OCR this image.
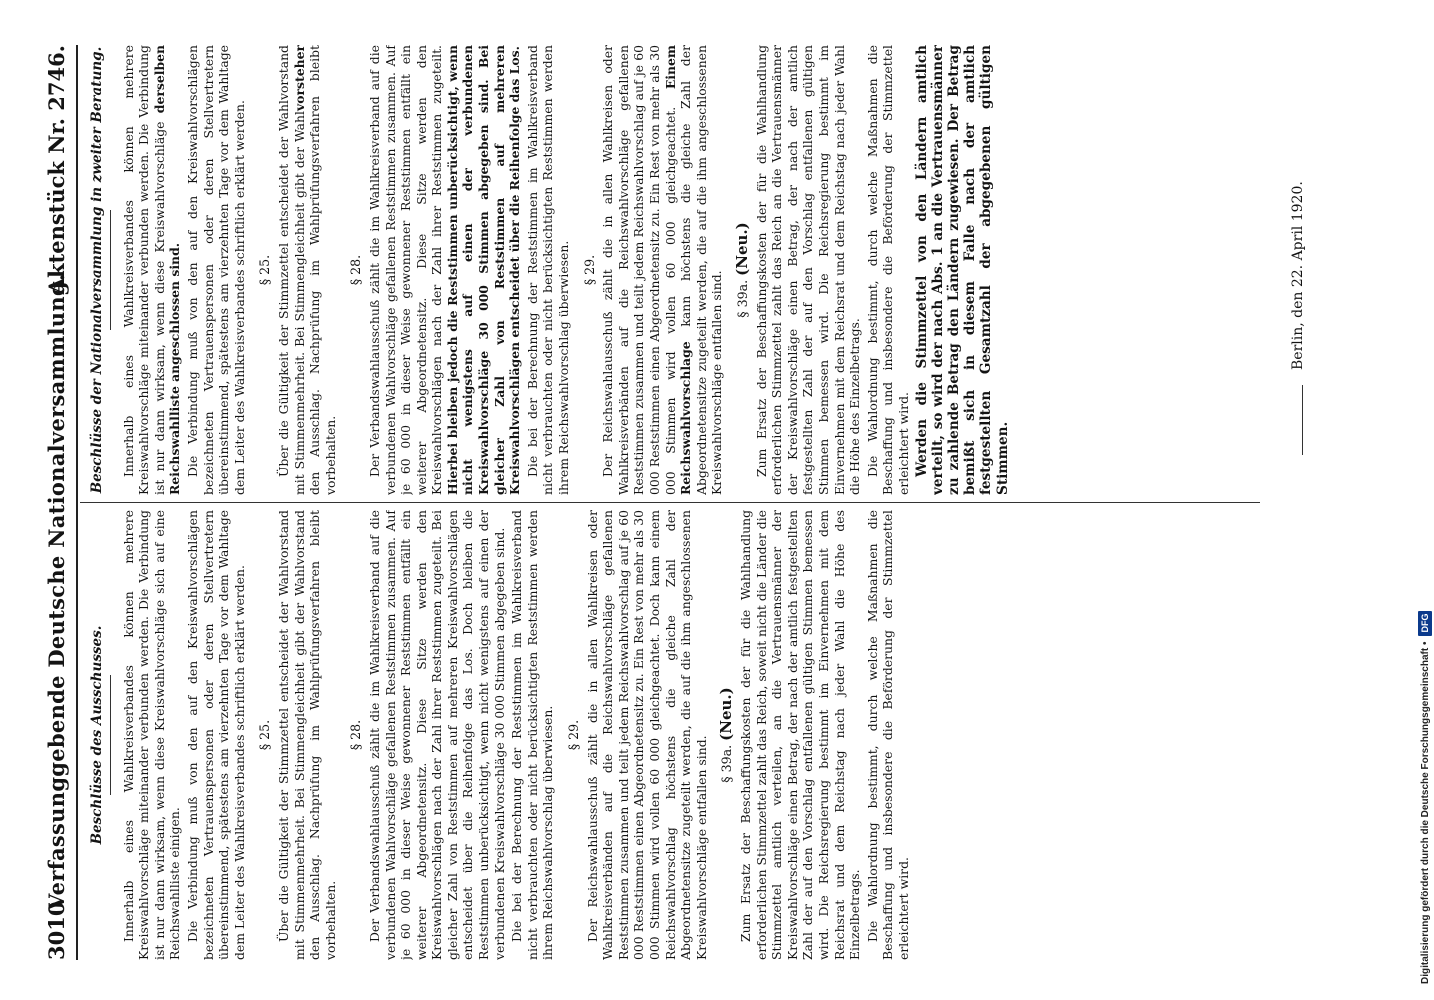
3010
Verfassunggebende Deutsche Nationalversammlung.
Aktenstück Nr. 2746.
Beschlüsse des Ausschusses. Innerhalb eines Wahlkreisverbandes können mehrere Kreiswahlvorschläge miteinander verbunden werden. Die Verbindung ist nur dann wirksam, wenn diese Kreiswahlvorschläge sich auf eine Reichswahlliste einigen. Die Verbindung muß von den auf den Kreiswahlvorschlägen bezeichneten Vertrauenspersonen oder deren Stellvertretern übereinstimmend, spätestens am vierzehnten Tage vor dem Wahltage dem Leiter des Wahlkreisverbandes schriftlich erklärt werden. § 25. Über die Gültigkeit der Stimmzettel entscheidet der Wahlvorstand mit Stimmenmehrheit. Bei Stimmengleichheit gibt der Wahlvorstand den Ausschlag. Nachprüfung im Wahlprüfungsverfahren bleibt vorbehalten.

§ 28. Der Verbandswahlausschuß zählt die im Wahlkreisverband auf die verbundenen Wahlvorschläge gefallenen Reststimmen zusammen. Auf je 60 000 in dieser Weise gewonnener Reststimmen entfällt ein weiterer Abgeordnetensitz. Diese Sitze werden den Kreiswahlvorschlägen nach der Zahl ihrer Reststimmen zugeteilt. Bei gleicher Zahl von Reststimmen auf mehreren Kreiswahlvorschlägen entscheidet über die Reihenfolge das Los. Doch bleiben die Reststimmen unberücksichtigt, wenn nicht wenigstens auf einen der verbundenen Kreiswahlvorschläge 30 000 Stimmen abgegeben sind. Die bei der Berechnung der Reststimmen im Wahlkreisverband nicht verbrauchten oder nicht berücksichtigten Reststimmen werden ihrem Reichswahlvorschlag überwiesen. § 29. Der Reichswahlausschuß zählt die in allen Wahlkreisen oder Wahlkreisverbänden auf die Reichswahlvorschläge gefallenen Reststimmen zusammen und teilt jedem Reichswahlvorschlag auf je 60 000 Reststimmen einen Abgeordnetensitz zu. Ein Rest von mehr als 30 000 Stimmen wird vollen 60 000 gleichgeachtet. Doch kann einem Reichswahlvorschlag höchstens die gleiche Zahl der Abgeordnetensitze zugeteilt werden, die auf die ihm angeschlossenen Kreiswahlvorschläge entfallen sind. § 39a. (Neu.) Zum Ersatz der Beschaffungskosten der für die Wahlhandlung erforderlichen Stimmzettel zahlt das Reich, soweit nicht die Länder die Stimmzettel amtlich verteilen, an die Vertrauensmänner der Kreiswahlvorschläge einen Betrag, der nach der amtlich festgestellten Zahl der auf den Vorschlag entfallenen gültigen Stimmen bemessen wird. Die Reichsregierung bestimmt im Einvernehmen mit dem Reichsrat und dem Reichstag nach jeder Wahl die Höhe des Einzelbetrags. Die Wahlordnung bestimmt, durch welche Maßnahmen die Beschaffung und insbesondere die Beförderung der Stimmzettel erleichtert wird.

Beschlüsse der Nationalversammlung in zweiter Beratung. Innerhalb eines Wahlkreisverbandes können mehrere Kreiswahlvorschläge miteinander verbunden werden. Die Verbindung ist nur dann wirksam, wenn diese Kreiswahlvorschläge derselben Reichswahlliste angeschlossen sind. Die Verbindung muß von den auf den Kreiswahlvorschlägen bezeichneten Vertrauenspersonen oder deren Stellvertretern übereinstimmend, spätestens am vierzehnten Tage vor dem Wahltage dem Leiter des Wahlkreisverbandes schriftlich erklärt werden. § 25. Über die Gültigkeit der Stimmzettel entscheidet der Wahlvorstand mit Stimmenmehrheit. Bei Stimmengleichheit gibt der Wahlvorsteher den Ausschlag. Nachprüfung im Wahlprüfungsverfahren bleibt vorbehalten.

§ 28. Der Verbandswahlausschuß zählt die im Wahlkreisverband auf die verbundenen Wahlvorschläge gefallenen Reststimmen zusammen. Auf je 60 000 in dieser Weise gewonnener Reststimmen entfällt ein weiterer Abgeordnetensitz. Diese Sitze werden den Kreiswahlvorschlägen nach der Zahl ihrer Reststimmen zugeteilt. Hierbei bleiben jedoch die Reststimmen unberücksichtigt, wenn nicht wenigstens auf einen der verbundenen Kreiswahlvorschläge 30 000 Stimmen abgegeben sind. Bei gleicher Zahl von Reststimmen auf mehreren Kreiswahlvorschlägen entscheidet über die Reihenfolge das Los. Die bei der Berechnung der Reststimmen im Wahlkreisverband nicht verbrauchten oder nicht berücksichtigten Reststimmen werden ihrem Reichswahlvorschlag überwiesen. § 29. Der Reichswahlausschuß zählt die in allen Wahlkreisen oder Wahlkreisverbänden auf die Reichswahlvorschläge gefallenen Reststimmen zusammen und teilt jedem Reichswahlvorschlag auf je 60 000 Reststimmen einen Abgeordnetensitz zu. Ein Rest von mehr als 30 000 Stimmen wird vollen 60 000 gleichgeachtet. Einem Reichswahlvorschlage kann höchstens die gleiche Zahl der Abgeordnetensitze zugeteilt werden, die auf die ihm angeschlossenen Kreiswahlvorschläge entfallen sind. § 39a. (Neu.) Zum Ersatz der Beschaffungskosten der für die Wahlhandlung erforderlichen Stimmzettel zahlt das Reich an die Vertrauensmänner der Kreiswahlvorschläge einen Betrag, der nach der amtlich festgestellten Zahl der auf den Vorschlag entfallenen gültigen Stimmen bemessen wird. Die Reichsregierung bestimmt im Einvernehmen mit dem Reichsrat und dem Reichstag nach jeder Wahl die Höhe des Einzelbetrags. Die Wahlordnung bestimmt, durch welche Maßnahmen die Beschaffung und insbesondere die Beförderung der Stimmzettel erleichtert wird. Werden die Stimmzettel von den Ländern amtlich verteilt, so wird der nach Abs. 1 an die Vertrauensmänner zu zahlende Betrag den Ländern zugewiesen. Der Betrag bemißt sich in diesem Falle nach der amtlich festgestellten Gesamtzahl der abgegebenen gültigen Stimmen.

Berlin, den 22. April 1920.
Digitalisierung gefördert durch die Deutsche Forschungsgemeinschaft •DFG
